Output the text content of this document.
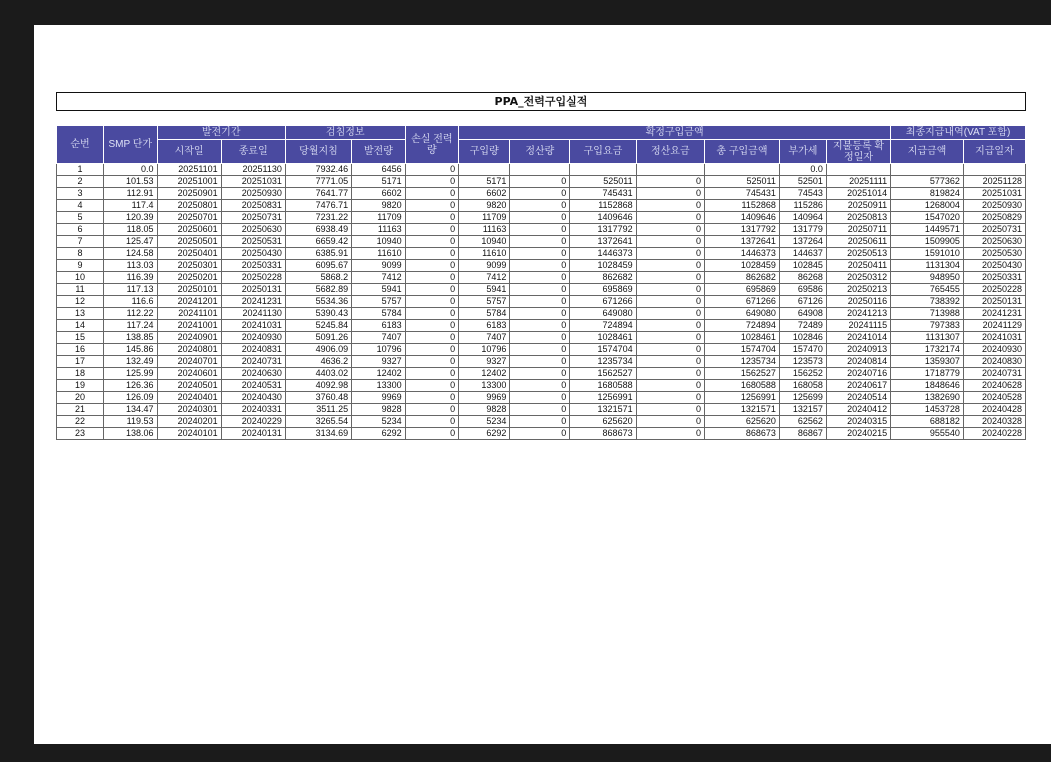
PPA_전력구입실적
순번	SMP 단가	발전기간		검침정보		손실 전력량	확정구입금액							최종지급내역(VAT 포함)	
		시작일	종료일	당월지침	발전량		구입량	정산량	구입요금	정산요금	총 구입금액	부가세	지불등록 확정일자	지급금액	지급일자
1	0.0	20251101	20251130	7932.46	6456	0						0.0			
2	101.53	20251001	20251031	7771.05	5171	0	5171	0	525011	0	525011	52501	20251111	577362	20251128
3	112.91	20250901	20250930	7641.77	6602	0	6602	0	745431	0	745431	74543	20251014	819824	20251031
4	117.4	20250801	20250831	7476.71	9820	0	9820	0	1152868	0	1152868	115286	20250911	1268004	20250930
5	120.39	20250701	20250731	7231.22	11709	0	11709	0	1409646	0	1409646	140964	20250813	1547020	20250829
6	118.05	20250601	20250630	6938.49	11163	0	11163	0	1317792	0	1317792	131779	20250711	1449571	20250731
7	125.47	20250501	20250531	6659.42	10940	0	10940	0	1372641	0	1372641	137264	20250611	1509905	20250630
8	124.58	20250401	20250430	6385.91	11610	0	11610	0	1446373	0	1446373	144637	20250513	1591010	20250530
9	113.03	20250301	20250331	6095.67	9099	0	9099	0	1028459	0	1028459	102845	20250411	1131304	20250430
10	116.39	20250201	20250228	5868.2	7412	0	7412	0	862682	0	862682	86268	20250312	948950	20250331
11	117.13	20250101	20250131	5682.89	5941	0	5941	0	695869	0	695869	69586	20250213	765455	20250228
12	116.6	20241201	20241231	5534.36	5757	0	5757	0	671266	0	671266	67126	20250116	738392	20250131
13	112.22	20241101	20241130	5390.43	5784	0	5784	0	649080	0	649080	64908	20241213	713988	20241231
14	117.24	20241001	20241031	5245.84	6183	0	6183	0	724894	0	724894	72489	20241115	797383	20241129
15	138.85	20240901	20240930	5091.26	7407	0	7407	0	1028461	0	1028461	102846	20241014	1131307	20241031
16	145.86	20240801	20240831	4906.09	10796	0	10796	0	1574704	0	1574704	157470	20240913	1732174	20240930
17	132.49	20240701	20240731	4636.2	9327	0	9327	0	1235734	0	1235734	123573	20240814	1359307	20240830
18	125.99	20240601	20240630	4403.02	12402	0	12402	0	1562527	0	1562527	156252	20240716	1718779	20240731
19	126.36	20240501	20240531	4092.98	13300	0	13300	0	1680588	0	1680588	168058	20240617	1848646	20240628
20	126.09	20240401	20240430	3760.48	9969	0	9969	0	1256991	0	1256991	125699	20240514	1382690	20240528
21	134.47	20240301	20240331	3511.25	9828	0	9828	0	1321571	0	1321571	132157	20240412	1453728	20240428
22	119.53	20240201	20240229	3265.54	5234	0	5234	0	625620	0	625620	62562	20240315	688182	20240328
23	138.06	20240101	20240131	3134.69	6292	0	6292	0	868673	0	868673	86867	20240215	955540	20240228
